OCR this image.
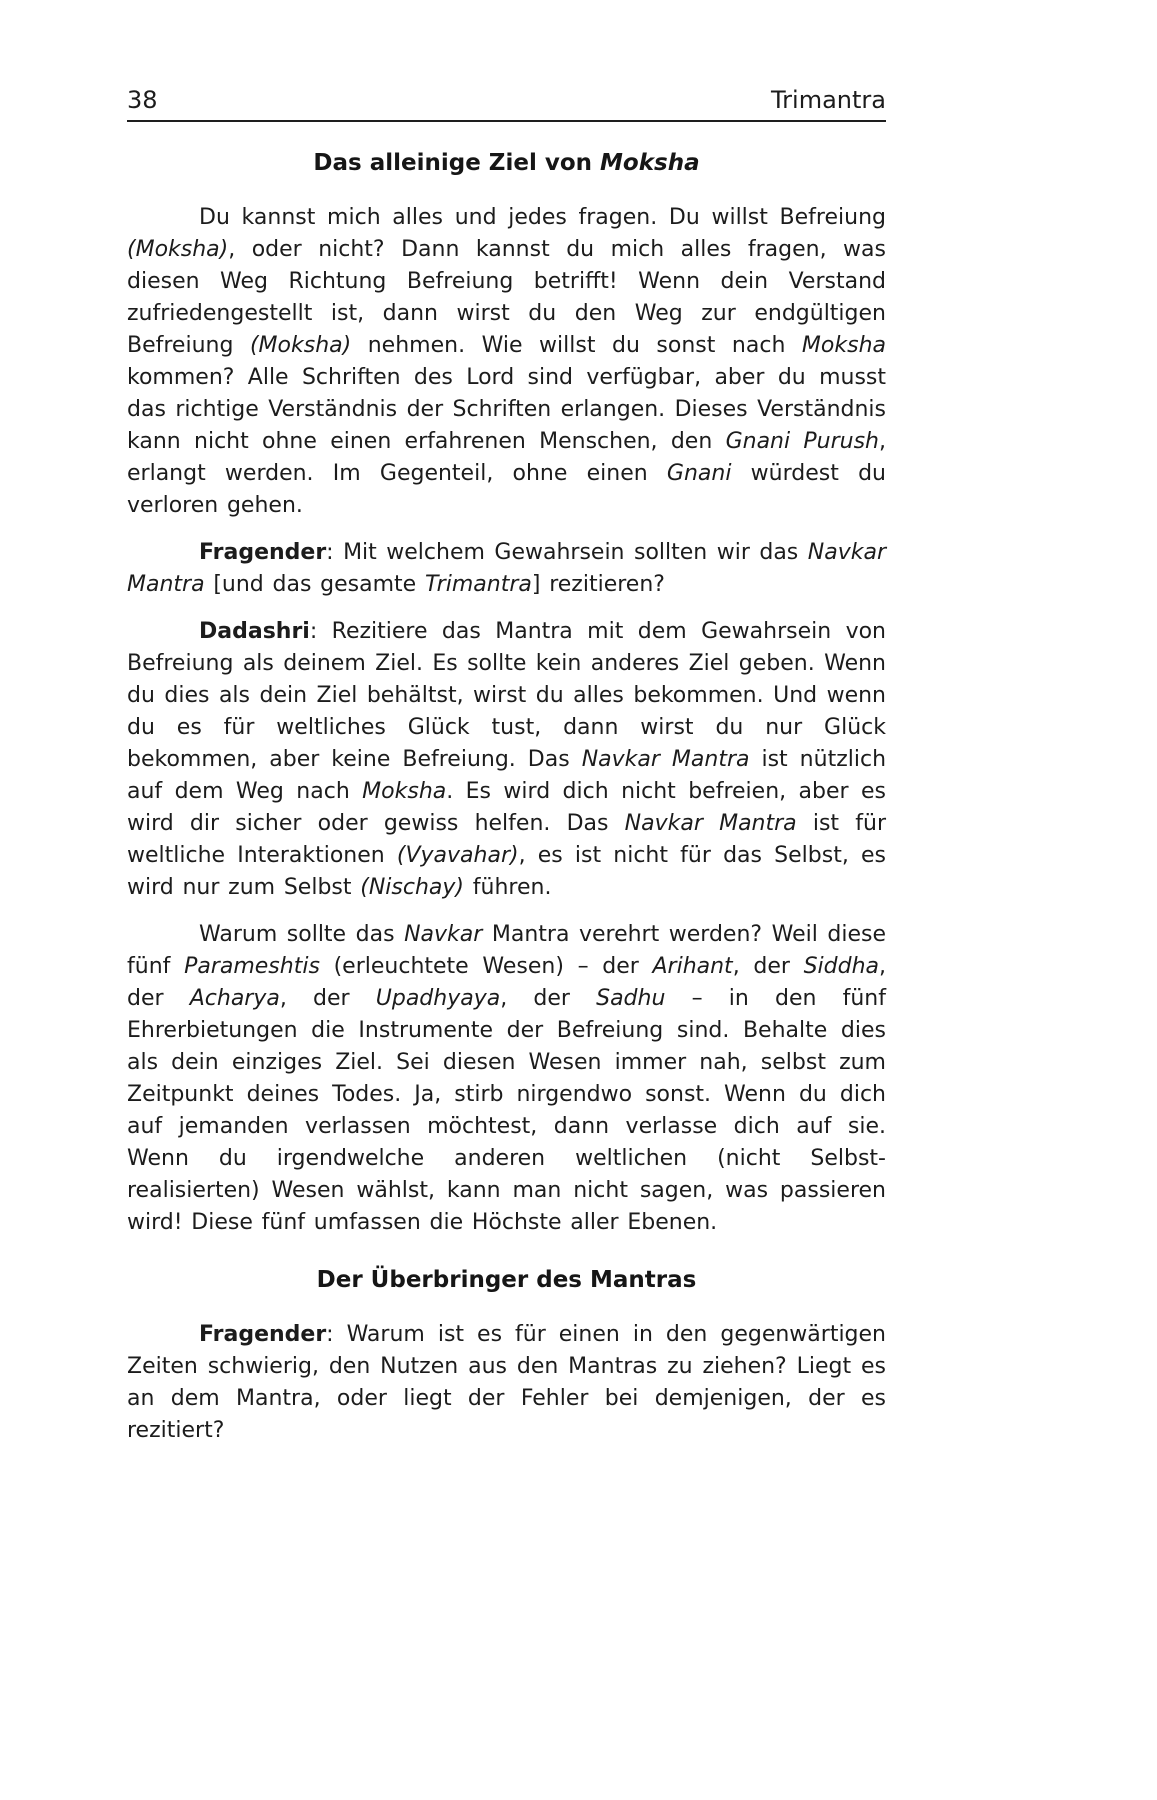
38	Trimantra
Das alleinige Ziel von Moksha

Du kannst mich alles und jedes fragen. Du willst Befreiung (Moksha), oder nicht? Dann kannst du mich alles fragen, was diesen Weg Richtung Befreiung betrifft! Wenn dein Verstand zufriedengestellt ist, dann wirst du den Weg zur endgültigen Befreiung (Moksha) nehmen. Wie willst du sonst nach Moksha kommen? Alle Schriften des Lord sind verfügbar, aber du musst das richtige Verständnis der Schriften erlangen. Dieses Verständnis kann nicht ohne einen erfahrenen Menschen, den Gnani Purush, erlangt werden. Im Gegenteil, ohne einen Gnani würdest du verloren gehen.

Fragender: Mit welchem Gewahrsein sollten wir das Navkar Mantra [und das gesamte Trimantra] rezitieren?

Dadashri: Rezitiere das Mantra mit dem Gewahrsein von Befreiung als deinem Ziel. Es sollte kein anderes Ziel geben. Wenn du dies als dein Ziel behältst, wirst du alles bekommen. Und wenn du es für weltliches Glück tust, dann wirst du nur Glück bekommen, aber keine Befreiung. Das Navkar Mantra ist nützlich auf dem Weg nach Moksha. Es wird dich nicht befreien, aber es wird dir sicher oder gewiss helfen. Das Navkar Mantra ist für weltliche Interaktionen (Vyavahar), es ist nicht für das Selbst, es wird nur zum Selbst (Nischay) führen.

Warum sollte das Navkar Mantra verehrt werden? Weil diese fünf Parameshtis (erleuchtete Wesen) – der Arihant, der Siddha, der Acharya, der Upadhyaya, der Sadhu – in den fünf Ehrerbietungen die Instrumente der Befreiung sind. Behalte dies als dein einziges Ziel. Sei diesen Wesen immer nah, selbst zum Zeitpunkt deines Todes. Ja, stirb nirgendwo sonst. Wenn du dich auf jemanden verlassen möchtest, dann verlasse dich auf sie. Wenn du irgendwelche anderen weltlichen (nicht Selbst-realisierten) Wesen wählst, kann man nicht sagen, was passieren wird! Diese fünf umfassen die Höchste aller Ebenen.

Der Überbringer des Mantras

Fragender: Warum ist es für einen in den gegenwärtigen Zeiten schwierig, den Nutzen aus den Mantras zu ziehen? Liegt es an dem Mantra, oder liegt der Fehler bei demjenigen, der es rezitiert?
